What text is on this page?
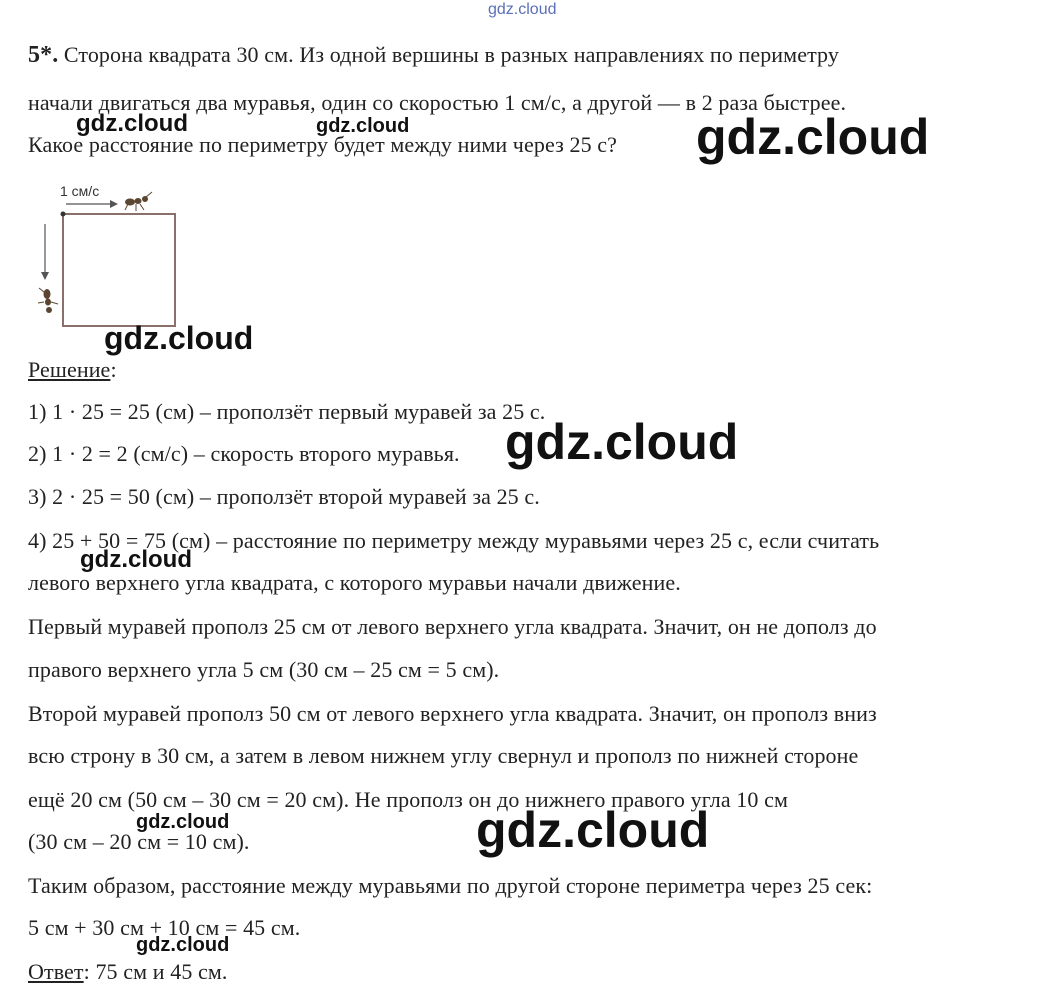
5*. Сторона квадрата 30 см. Из одной вершины в разных направлениях по периметру
начали двигаться два муравья, один со скоростью 1 см/с, а другой — в 2 раза быстрее.
Какое расстояние по периметру будет между ними через 25 с?
1 см/с
Решение:
1) 1 · 25 = 25 (см) – проползёт первый муравей за 25 с.
2) 1 · 2 = 2 (см/с) – скорость второго муравья.
3) 2 · 25 = 50 (см) – проползёт второй муравей за 25 с.
4) 25 + 50 = 75 (см) – расстояние по периметру между муравьями через 25 с, если считать
левого верхнего угла квадрата, с которого муравьи начали движение.
Первый муравей прополз 25 см от левого верхнего угла квадрата. Значит, он не дополз до
правого верхнего угла 5 см (30 см – 25 см = 5 см).
Второй муравей прополз 50 см от левого верхнего угла квадрата. Значит, он прополз вниз
всю строну в 30 см, а затем в левом нижнем углу свернул и прополз по нижней стороне
ещё 20 см (50 см – 30 см = 20 см). Не прополз он до нижнего правого угла 10 см
(30 см – 20 см = 10 см).
Таким образом, расстояние между муравьями по другой стороне периметра через 25 сек:
5 см + 30 см + 10 см = 45 см.
Ответ: 75 см и 45 см.
gdz.cloud
gdz.cloud	gdz.cloud	gdz.cloud
gdz.cloud
gdz.cloud
gdz.cloud
gdz.cloud	gdz.cloud
gdz.cloud
